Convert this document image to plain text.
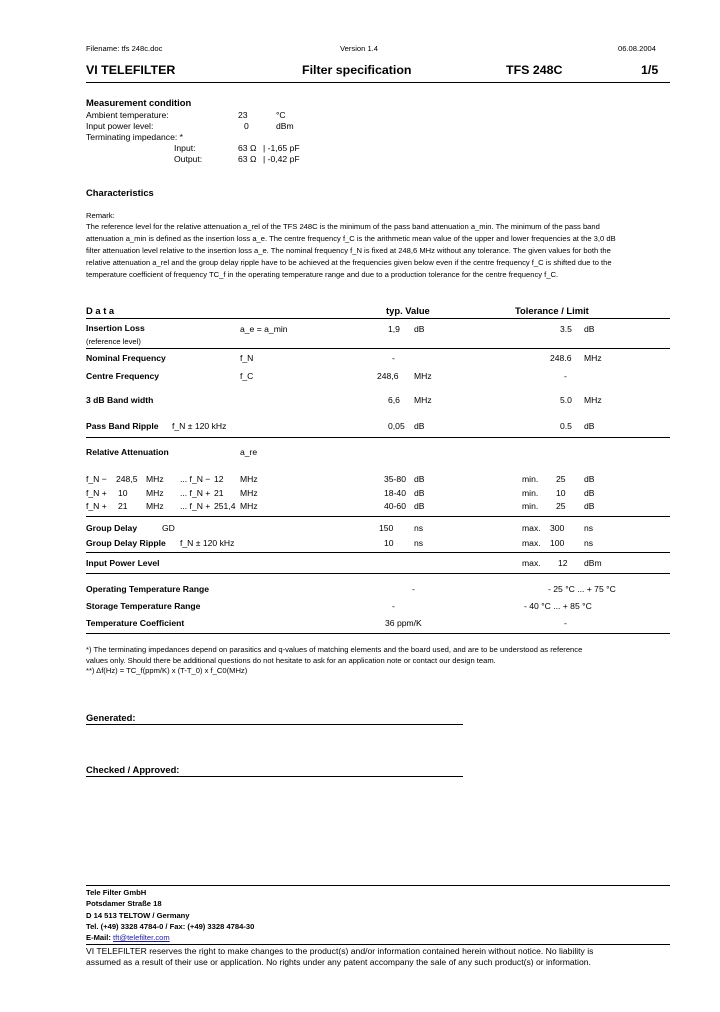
Filename: tfs 248c.doc	Version 1.4	06.08.2004
VI TELEFILTER	Filter specification	TFS 248C	1/5
Measurement condition
Ambient temperature:	23	°C
Input power level:	0	dBm
Terminating impedance: *
Input:	63 Ω | -1,65 pF
Output:	63 Ω | -0,42 pF
Characteristics
Remark:
The reference level for the relative attenuation a_rel of the TFS 248C is the minimum of the pass band attenuation a_min. The minimum of the pass band
attenuation a_min is defined as the insertion loss a_e. The centre frequency f_C is the arithmetic mean value of the upper and lower frequencies at the 3,0 dB
filter attenuation level relative to the insertion loss a_e. The nominal frequency f_N is fixed at 248,6 MHz without any tolerance. The given values for both the
relative attenuation a_rel and the group delay ripple have to be achieved at the frequencies given below even if the centre frequency f_C is shifted due to the
temperature coefficient of frequency TC_f in the operating temperature range and due to a production tolerance for the centre frequency f_C.
D a t a	typ. Value	Tolerance / Limit
Insertion Loss
(reference level)
a_e = a_min	1,9 dB	3.5 dB
Nominal Frequency	f_N	-	248.6 MHz
Centre Frequency	f_C	248,6 MHz	-
3 dB Band width	6,6 MHz	5.0 MHz
Pass Band Ripple f_N ± 120 kHz	0,05 dB	0.5 dB
Relative Attenuation	a_re
f_N − 248,5 MHz ... f_N − 12 MHz	35-80 dB	min. 25 dB
f_N + 10 MHz ... f_N + 21 MHz	18-40 dB	min. 10 dB
f_N + 21 MHz ... f_N + 251,4 MHz	40-60 dB	min. 25 dB
Group Delay	GD	150 ns	max. 300 ns
Group Delay Ripple f_N ± 120 kHz	10 ns	max. 100 ns
Input Power Level	max. 12 dBm
Operating Temperature Range	-	- 25 °C ... + 75 °C
Storage Temperature Range	-	- 40 °C ... + 85 °C
Temperature Coefficient	36 ppm/K	-
*) The terminating impedances depend on parasitics and q-values of matching elements and the board used, and are to be understood as reference
values only. Should there be additional questions do not hesitate to ask for an application note or contact our design team.
**) Δf(Hz) = TC_f(ppm/K) x (T-T_0) x f_C0(MHz)
Generated:
Checked / Approved:
Tele Filter GmbH
Potsdamer Straße 18
D 14 513 TELTOW / Germany
Tel. (+49) 3328 4784-0 / Fax: (+49) 3328 4784-30
E-Mail: tft@telefilter.com
VI TELEFILTER reserves the right to make changes to the product(s) and/or information contained herein without notice. No liability is
assumed as a result of their use or application. No rights under any patent accompany the sale of any such product(s) or information.
